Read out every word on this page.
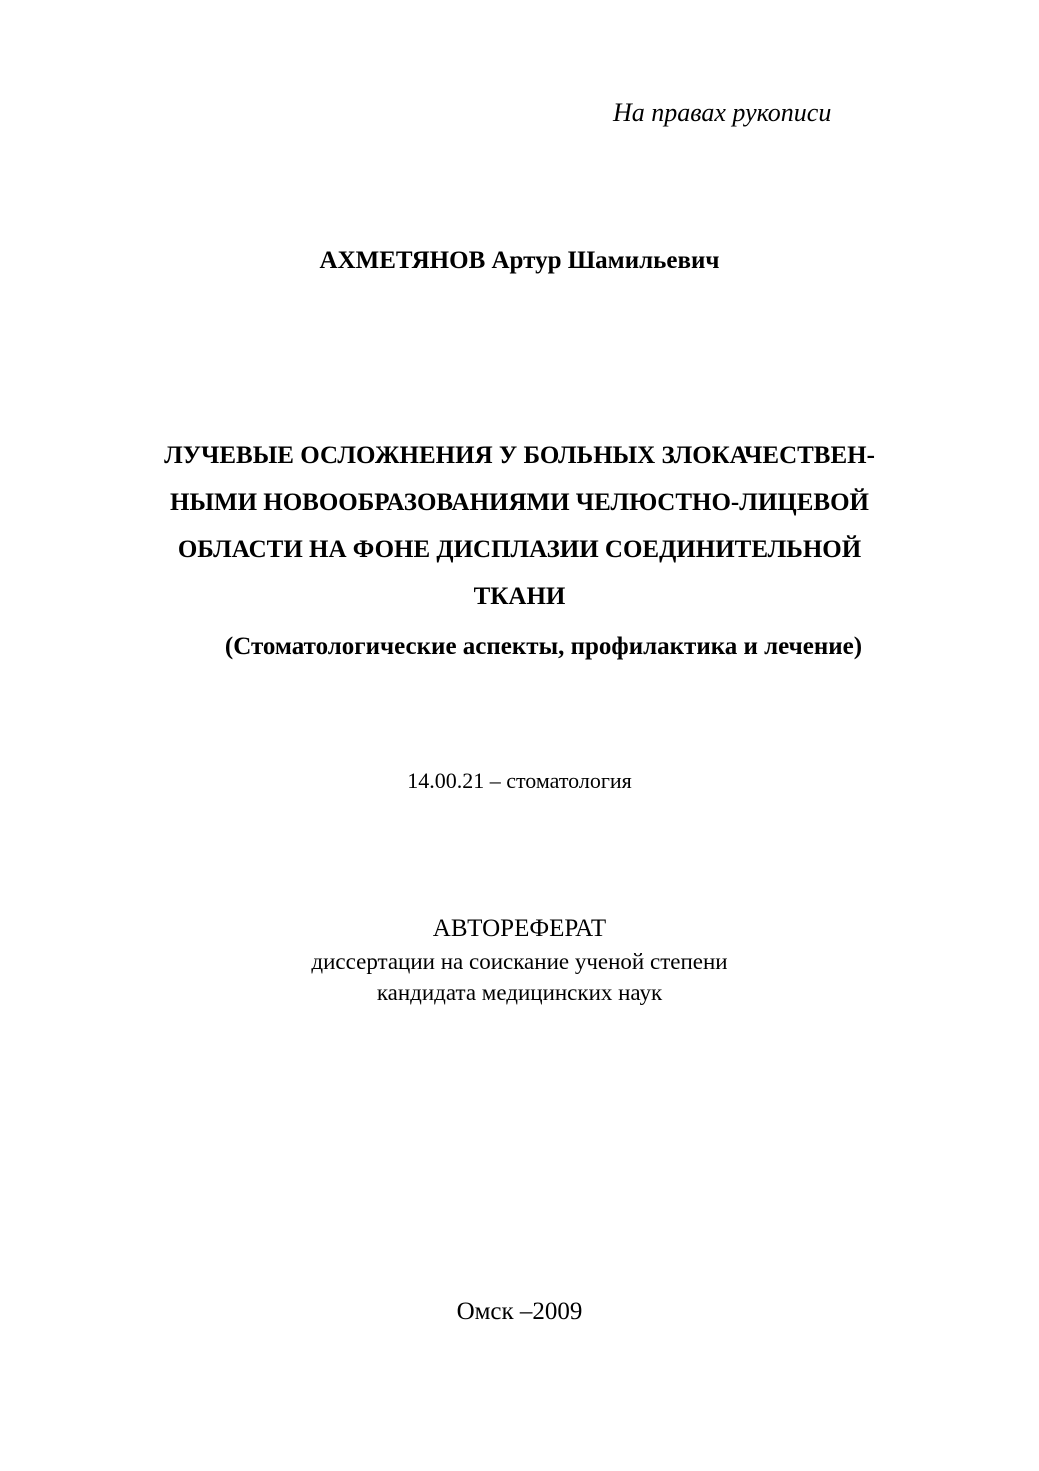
На правах рукописи
АХМЕТЯНОВ Артур Шамильевич
ЛУЧЕВЫЕ ОСЛОЖНЕНИЯ У БОЛЬНЫХ ЗЛОКАЧЕСТВЕН-
НЫМИ НОВООБРАЗОВАНИЯМИ ЧЕЛЮСТНО-ЛИЦЕВОЙ
ОБЛАСТИ НА ФОНЕ ДИСПЛАЗИИ СОЕДИНИТЕЛЬНОЙ
ТКАНИ
(Стоматологические аспекты, профилактика и лечение)
14.00.21 – стоматология
АВТОРЕФЕРАТ
диссертации на соискание ученой степени
кандидата медицинских наук
Омск –2009
